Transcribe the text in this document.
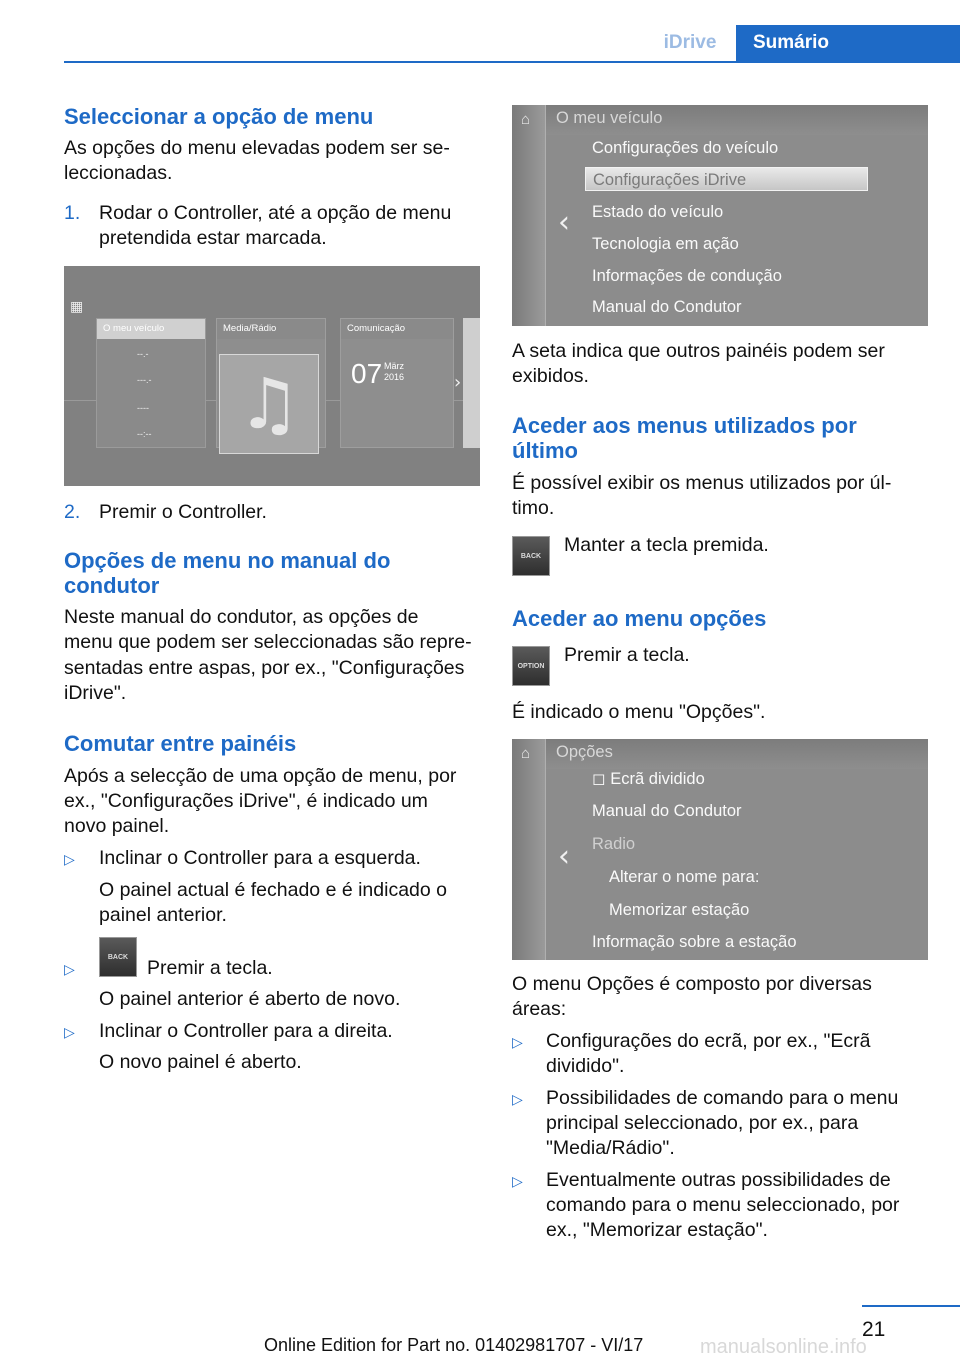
iDrive	Sumário
Seleccionar a opção de menu
As opções do menu elevadas podem ser se-
leccionadas.
1. Rodar o Controller, até a opção de menu
pretendida estar marcada.
▦
O meu veículo
--.-
---.-
----
--:--
Media/Rádio
♫
Comunicação
07 März
2016	›
2. Premir o Controller.
Opções de menu no manual do
condutor
Neste manual do condutor, as opções de
menu que podem ser seleccionadas são repre-
sentadas entre aspas, por ex., "Configurações
iDrive".
Comutar entre painéis
Após a selecção de uma opção de menu, por
ex., "Configurações iDrive", é indicado um
novo painel.
▷ Inclinar o Controller para a esquerda.
O painel actual é fechado e é indicado o
painel anterior.
▷
BACK Premir a tecla.
O painel anterior é aberto de novo.
▷ Inclinar o Controller para a direita.
O novo painel é aberto.
⌂ O meu veículo
‹
Configurações do veículo
Configurações iDrive
Estado do veículo
Tecnologia em ação
Informações de condução
Manual do Condutor
A seta indica que outros painéis podem ser
exibidos.
Aceder aos menus utilizados por
último
É possível exibir os menus utilizados por úl-
timo.
BACK	Manter a tecla premida.
Aceder ao menu opções
OPTION Premir a tecla.
É indicado o menu "Opções".
⌂ Opções
‹
◻ Ecrã dividido
Manual do Condutor
Radio
Alterar o nome para:
Memorizar estação
Informação sobre a estação
O menu Opções é composto por diversas
áreas:
▷ Configurações do ecrã, por ex., "Ecrã
dividido".
▷ Possibilidades de comando para o menu
principal seleccionado, por ex., para
"Media/Rádio".
▷ Eventualmente outras possibilidades de
comando para o menu seleccionado, por
ex., "Memorizar estação".
21
Online Edition for Part no. 01402981707 - VI/17	manualsonline.info
